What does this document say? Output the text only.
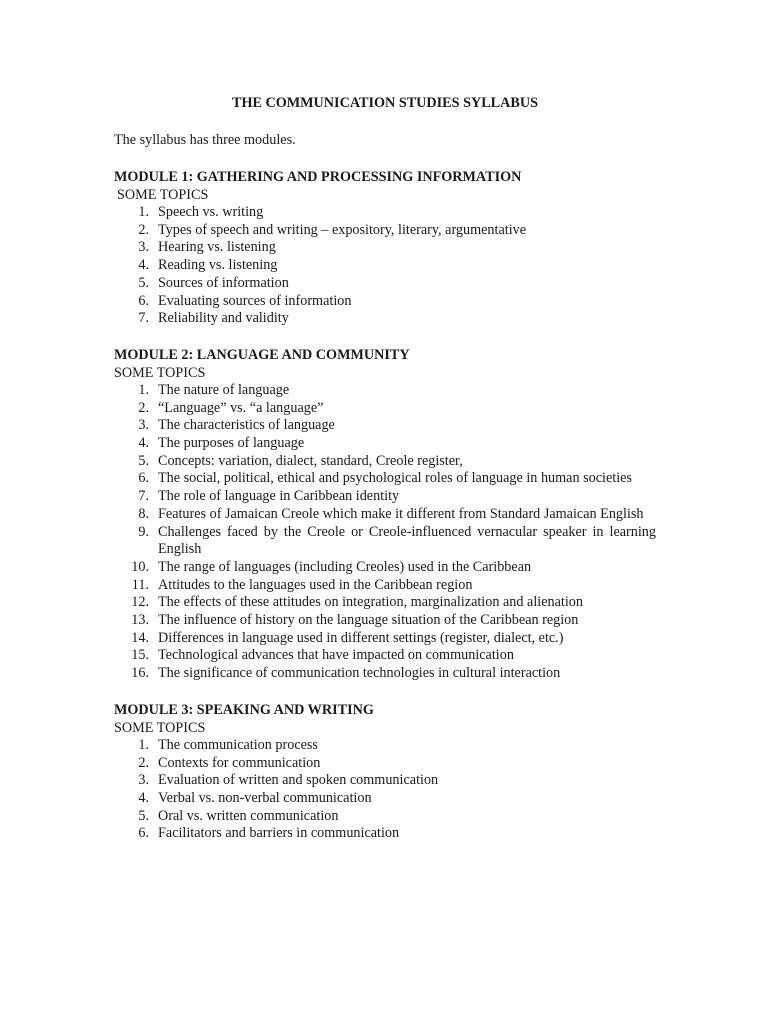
THE COMMUNICATION STUDIES SYLLABUS
The syllabus has three modules.
MODULE 1: GATHERING AND PROCESSING INFORMATION
SOME TOPICS
1. Speech vs. writing
2. Types of speech and writing – expository, literary, argumentative
3. Hearing vs. listening
4. Reading vs. listening
5. Sources of information
6. Evaluating sources of information
7. Reliability and validity
MODULE 2: LANGUAGE AND COMMUNITY
SOME TOPICS
1. The nature of language
2. “Language” vs. “a language”
3. The characteristics of language
4. The purposes of language
5. Concepts: variation, dialect, standard, Creole register,
6. The social, political, ethical and psychological roles of language in human societies
7. The role of language in Caribbean identity
8. Features of Jamaican Creole which make it different from Standard Jamaican English
9. Challenges faced by the Creole or Creole-influenced vernacular speaker in learning English
10. The range of languages (including Creoles) used in the Caribbean
11. Attitudes to the languages used in the Caribbean region
12. The effects of these attitudes on integration, marginalization and alienation
13. The influence of history on the language situation of the Caribbean region
14. Differences in language used in different settings (register, dialect, etc.)
15. Technological advances that have impacted on communication
16. The significance of communication technologies in cultural interaction
MODULE 3: SPEAKING AND WRITING
SOME TOPICS
1. The communication process
2. Contexts for communication
3. Evaluation of written and spoken communication
4. Verbal vs. non-verbal communication
5. Oral vs. written communication
6. Facilitators and barriers in communication
